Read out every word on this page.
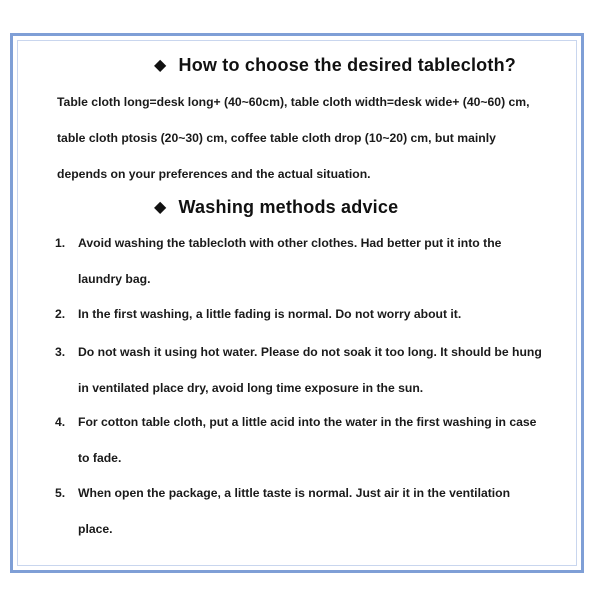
◆ How to choose the desired tablecloth?
Table cloth long=desk long+ (40~60cm), table cloth width=desk wide+ (40~60) cm, table cloth ptosis (20~30) cm, coffee table cloth drop (10~20) cm, but mainly depends on your preferences and the actual situation.
◆ Washing methods advice
1.	Avoid washing the tablecloth with other clothes. Had better put it into the laundry bag.
2.	In the first washing, a little fading is normal. Do not worry about it.
3.	Do not wash it using hot water. Please do not soak it too long. It should be hung in ventilated place dry, avoid long time exposure in the sun.
4.	For cotton table cloth, put a little acid into the water in the first washing in case to fade.
5.	When open the package, a little taste is normal. Just air it in the ventilation place.
